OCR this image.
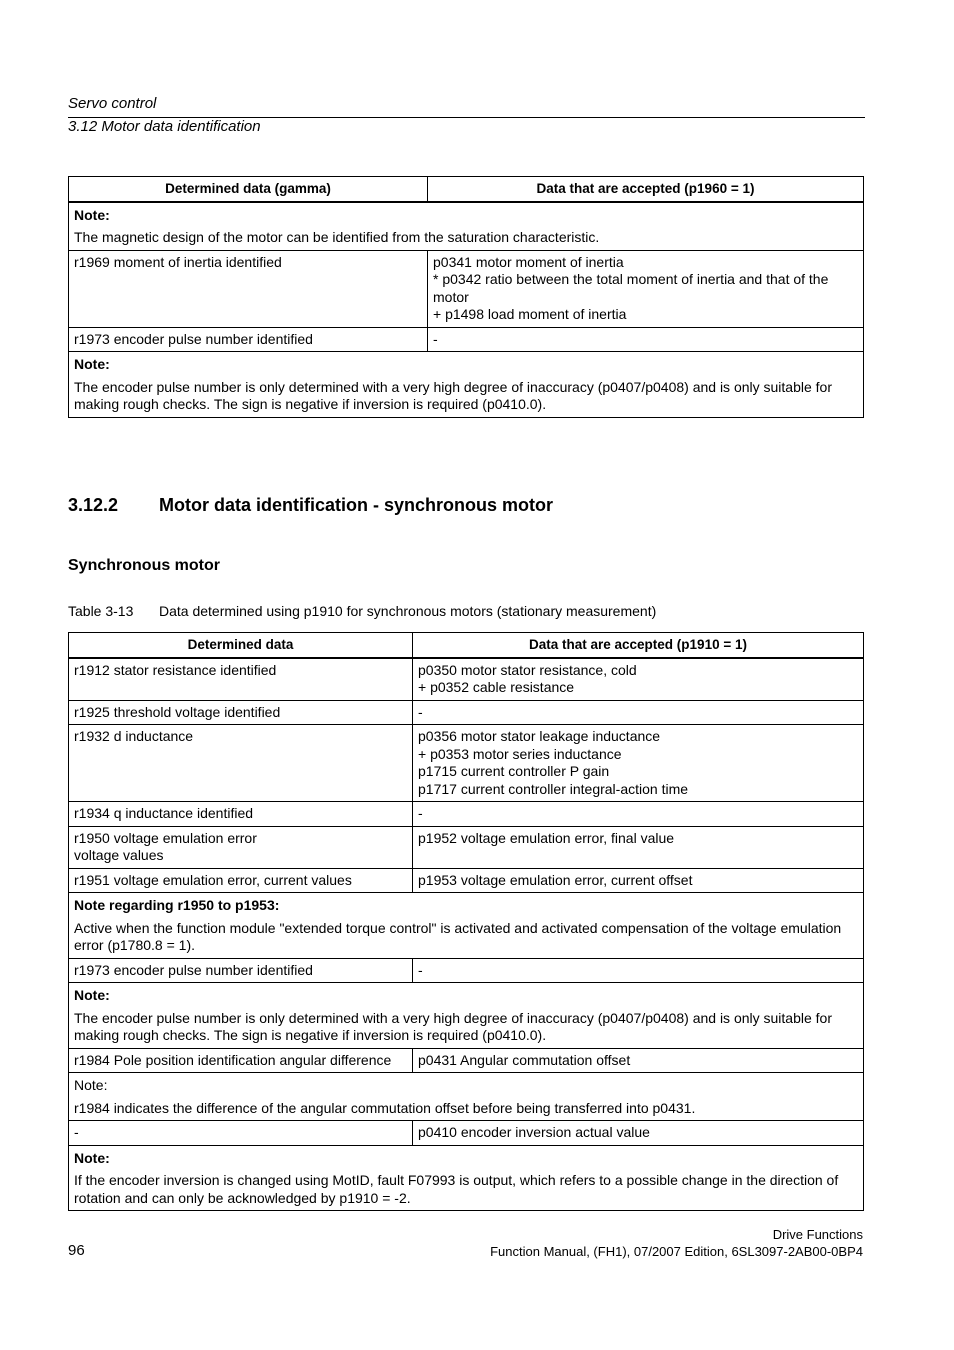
Servo control
3.12 Motor data identification
Determined data (gamma)	Data that are accepted (p1960 = 1)

Note:
The magnetic design of the motor can be identified from the saturation characteristic.	

r1969 moment of inertia identified	p0341 motor moment of inertia
* p0342 ratio between the total moment of inertia and that of the motor
+ p1498 load moment of inertia

r1973 encoder pulse number identified	-

Note:
The encoder pulse number is only determined with a very high degree of inaccuracy (p0407/p0408) and is only suitable for making rough checks. The sign is negative if inversion is required (p0410.0).	
3.12.2 Motor data identification - synchronous motor
Synchronous motor
Table 3-13 Data determined using p1910 for synchronous motors (stationary measurement)
Determined data	Data that are accepted (p1910 = 1)
r1912 stator resistance identified	p0350 motor stator resistance, cold
+ p0352 cable resistance

r1925 threshold voltage identified	-
r1932 d inductance	p0356 motor stator leakage inductance
+ p0353 motor series inductance
p1715 current controller P gain
p1717 current controller integral-action time

r1934 q inductance identified	-

r1950 voltage emulation error
voltage values	p1952 voltage emulation error, final value
r1951 voltage emulation error, current values	p1953 voltage emulation error, current offset

Note regarding r1950 to p1953:
Active when the function module "extended torque control" is activated and activated compensation of the voltage emulation error (p1780.8 = 1).	

r1973 encoder pulse number identified	-

Note:
The encoder pulse number is only determined with a very high degree of inaccuracy (p0407/p0408) and is only suitable for making rough checks. The sign is negative if inversion is required (p0410.0).	

r1984 Pole position identification angular difference	p0431 Angular commutation offset

Note:
r1984 indicates the difference of the angular commutation offset before being transferred into p0431.	

-	p0410 encoder inversion actual value

Note:
If the encoder inversion is changed using MotID, fault F07993 is output, which refers to a possible change in the direction of rotation and can only be acknowledged by p1910 = -2.	
96
Drive Functions
Function Manual, (FH1), 07/2007 Edition, 6SL3097-2AB00-0BP4
